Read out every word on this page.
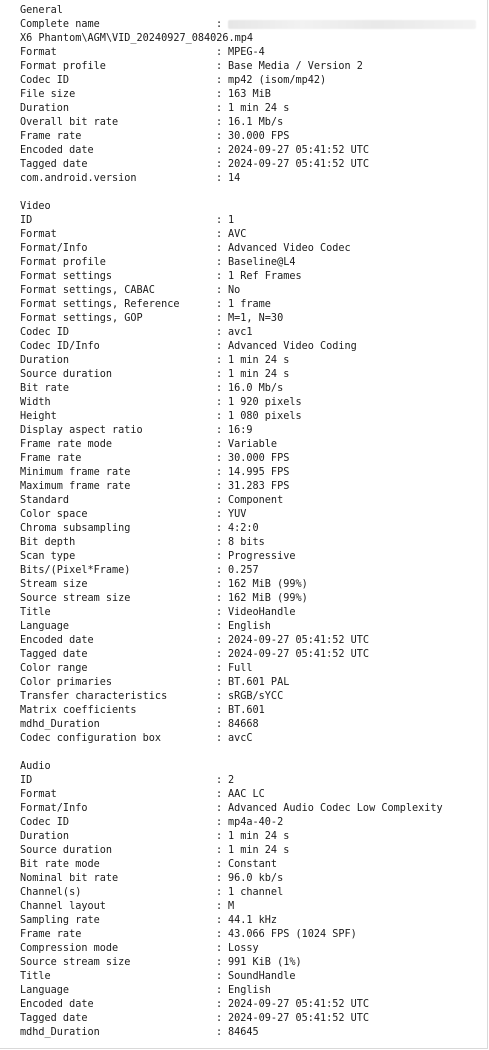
General
Complete name	:
X6 Phantom\AGM\VID_20240927_084026.mp4
Format	: MPEG-4
Format profile	: Base Media / Version 2
Codec ID	: mp42 (isom/mp42)
File size	: 163 MiB
Duration	: 1 min 24 s
Overall bit rate	: 16.1 Mb/s
Frame rate	: 30.000 FPS
Encoded date	: 2024-09-27 05:41:52 UTC
Tagged date	: 2024-09-27 05:41:52 UTC
com.android.version	: 14
Video
ID	: 1
Format	: AVC
Format/Info	: Advanced Video Codec
Format profile	: Baseline@L4
Format settings	: 1 Ref Frames
Format settings, CABAC	: No
Format settings, Reference	: 1 frame
Format settings, GOP	: M=1, N=30
Codec ID	: avc1
Codec ID/Info	: Advanced Video Coding
Duration	: 1 min 24 s
Source duration	: 1 min 24 s
Bit rate	: 16.0 Mb/s
Width	: 1 920 pixels
Height	: 1 080 pixels
Display aspect ratio	: 16:9
Frame rate mode	: Variable
Frame rate	: 30.000 FPS
Minimum frame rate	: 14.995 FPS
Maximum frame rate	: 31.283 FPS
Standard	: Component
Color space	: YUV
Chroma subsampling	: 4:2:0
Bit depth	: 8 bits
Scan type	: Progressive
Bits/(Pixel*Frame)	: 0.257
Stream size	: 162 MiB (99%)
Source stream size	: 162 MiB (99%)
Title	: VideoHandle
Language	: English
Encoded date	: 2024-09-27 05:41:52 UTC
Tagged date	: 2024-09-27 05:41:52 UTC
Color range	: Full
Color primaries	: BT.601 PAL
Transfer characteristics	: sRGB/sYCC
Matrix coefficients	: BT.601
mdhd_Duration	: 84668
Codec configuration box	: avcC
Audio
ID	: 2
Format	: AAC LC
Format/Info	: Advanced Audio Codec Low Complexity
Codec ID	: mp4a-40-2
Duration	: 1 min 24 s
Source duration	: 1 min 24 s
Bit rate mode	: Constant
Nominal bit rate	: 96.0 kb/s
Channel(s)	: 1 channel
Channel layout	: M
Sampling rate	: 44.1 kHz
Frame rate	: 43.066 FPS (1024 SPF)
Compression mode	: Lossy
Source stream size	: 991 KiB (1%)
Title	: SoundHandle
Language	: English
Encoded date	: 2024-09-27 05:41:52 UTC
Tagged date	: 2024-09-27 05:41:52 UTC
mdhd_Duration	: 84645
